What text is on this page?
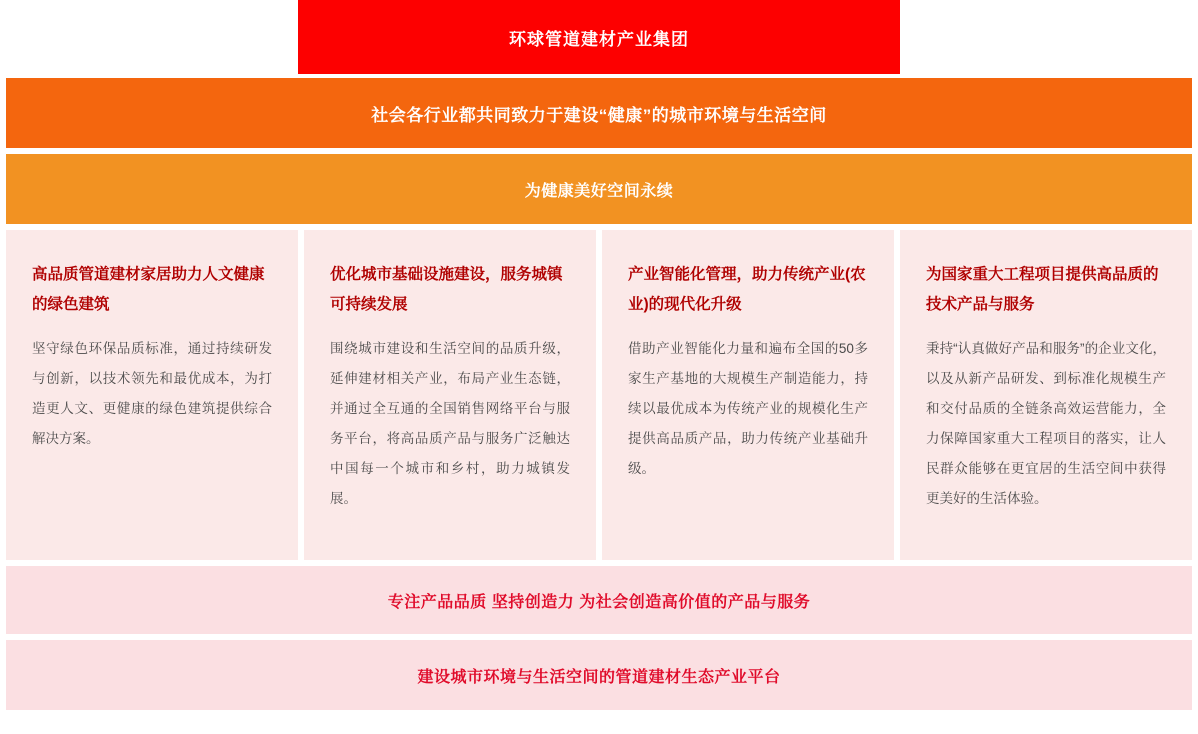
环球管道建材产业集团
社会各行业都共同致力于建设“健康”的城市环境与生活空间
为健康美好空间永续

高品质管道建材家居助力人文健康的绿色建筑

坚守绿色环保品质标准，通过持续研发与创新，以技术领先和最优成本，为打造更人文、更健康的绿色建筑提供综合解决方案。

优化城市基础设施建设，服务城镇可持续发展

围绕城市建设和生活空间的品质升级，延伸建材相关产业，布局产业生态链，并通过全互通的全国销售网络平台与服务平台，将高品质产品与服务广泛触达中国每一个城市和乡村，助力城镇发展。

产业智能化管理，助力传统产业(农业)的现代化升级

借助产业智能化力量和遍布全国的50多家生产基地的大规模生产制造能力，持续以最优成本为传统产业的规模化生产提供高品质产品，助力传统产业基础升级。

为国家重大工程项目提供高品质的技术产品与服务

秉持“认真做好产品和服务”的企业文化，以及从新产品研发、到标准化规模生产和交付品质的全链条高效运营能力，全力保障国家重大工程项目的落实，让人民群众能够在更宜居的生活空间中获得更美好的生活体验。

专注产品品质 坚持创造力 为社会创造高价值的产品与服务
建设城市环境与生活空间的管道建材生态产业平台
